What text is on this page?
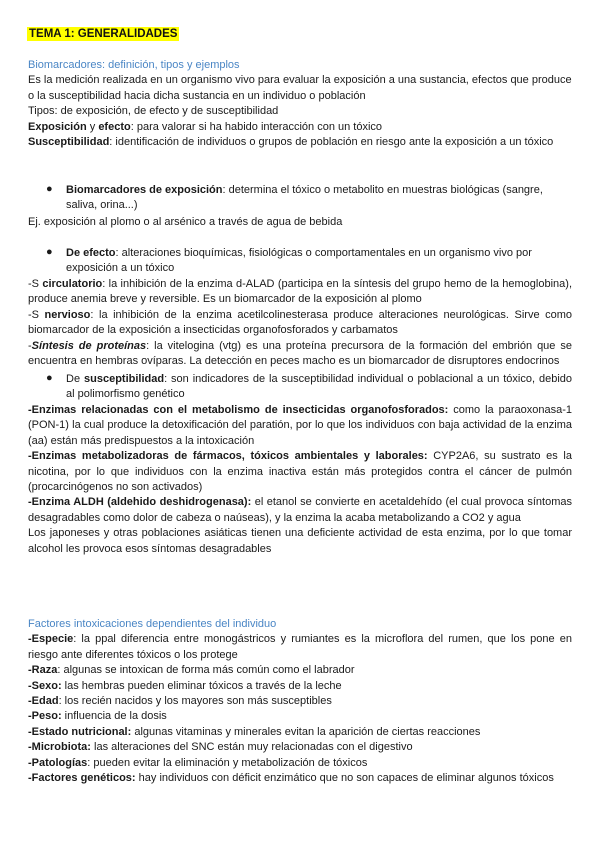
TEMA 1: GENERALIDADES

Biomarcadores: definición, tipos y ejemplos

Es la medición realizada en un organismo vivo para evaluar la exposición a una sustancia, efectos que produce o la susceptibilidad hacia dicha sustancia en un individuo o población

Tipos: de exposición, de efecto y de susceptibilidad

Exposición y efecto: para valorar si ha habido interacción con un tóxico

Susceptibilidad: identificación de individuos o grupos de población en riesgo ante la exposición a un tóxico

● Biomarcadores de exposición: determina el tóxico o metabolito en muestras biológicas (sangre, saliva, orina...)

Ej. exposición al plomo o al arsénico a través de agua de bebida
● De efecto: alteraciones bioquímicas, fisiológicas o comportamentales en un organismo vivo por exposición a un tóxico

-S circulatorio: la inhibición de la enzima d-ALAD (participa en la síntesis del grupo hemo de la hemoglobina), produce anemia breve y reversible. Es un biomarcador de la exposición al plomo

-S nervioso: la inhibición de la enzima acetilcolinesterasa produce alteraciones neurológicas. Sirve como biomarcador de la exposición a insecticidas organofosforados y carbamatos

-Síntesis de proteínas: la vitelogina (vtg) es una proteína precursora de la formación del embrión que se encuentra en hembras ovíparas. La detección en peces macho es un biomarcador de disruptores endocrinos

● De susceptibilidad: son indicadores de la susceptibilidad individual o poblacional a un tóxico, debido al polimorfismo genético

-Enzimas relacionadas con el metabolismo de insecticidas organofosforados: como la paraoxonasa-1 (PON-1) la cual produce la detoxificación del paratión, por lo que los individuos con baja actividad de la enzima (aa) están más predispuestos a la intoxicación

-Enzimas metabolizadoras de fármacos, tóxicos ambientales y laborales: CYP2A6, su sustrato es la nicotina, por lo que individuos con la enzima inactiva están más protegidos contra el cáncer de pulmón (procarcinógenos no son activados)

-Enzima ALDH (aldehido deshidrogenasa): el etanol se convierte en acetaldehído (el cual provoca síntomas desagradables como dolor de cabeza o naúseas), y la enzima la acaba metabolizando a CO2 y agua

Los japoneses y otras poblaciones asiáticas tienen una deficiente actividad de esta enzima, por lo que tomar alcohol les provoca esos síntomas desagradables

Factores intoxicaciones dependientes del individuo

-Especie: la ppal diferencia entre monogástricos y rumiantes es la microflora del rumen, que los pone en riesgo ante diferentes tóxicos o los protege

-Raza: algunas se intoxican de forma más común como el labrador

-Sexo: las hembras pueden eliminar tóxicos a través de la leche

-Edad: los recién nacidos y los mayores son más susceptibles

-Peso: influencia de la dosis

-Estado nutricional: algunas vitaminas y minerales evitan la aparición de ciertas reacciones

-Microbiota: las alteraciones del SNC están muy relacionadas con el digestivo

-Patologías: pueden evitar la eliminación y metabolización de tóxicos

-Factores genéticos: hay individuos con déficit enzimático que no son capaces de eliminar algunos tóxicos
